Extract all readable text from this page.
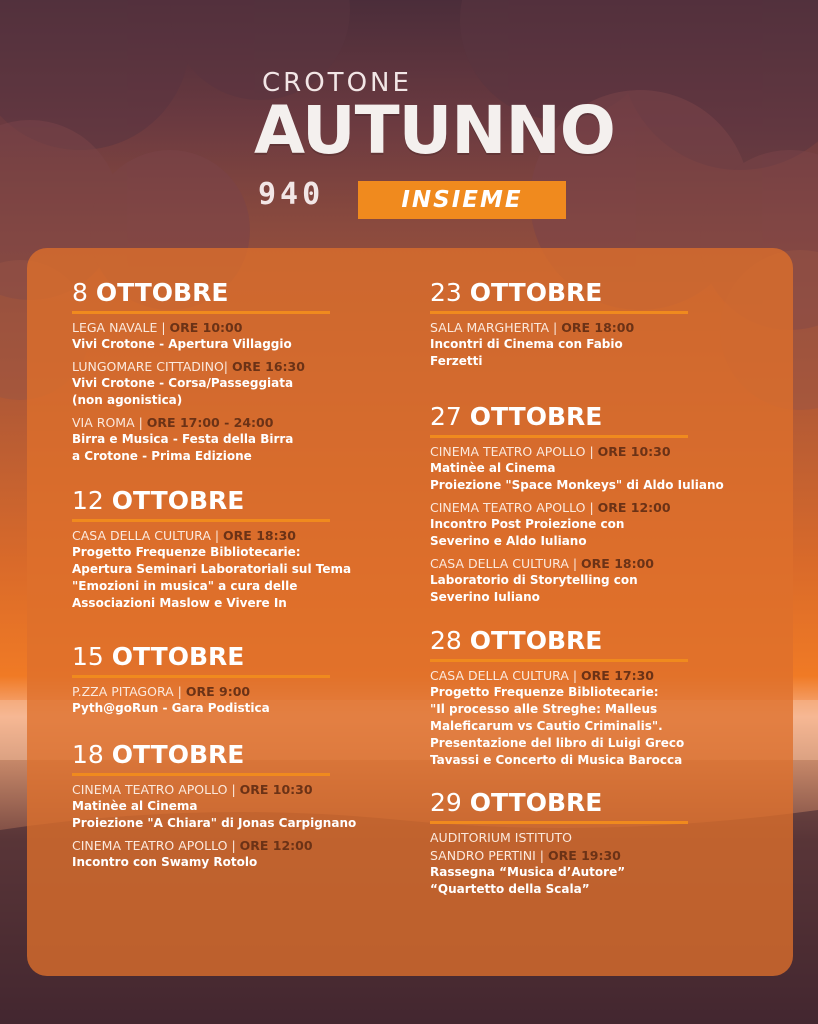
CROTONE
AUTUNNO
940	INSIEME
8 OTTOBRE
LEGA NAVALE | ORE 10:00
Vivi Crotone - Apertura Villaggio
LUNGOMARE CITTADINO| ORE 16:30
Vivi Crotone - Corsa/Passeggiata
(non agonistica)
VIA ROMA | ORE 17:00 - 24:00
Birra e Musica - Festa della Birra
a Crotone - Prima Edizione
12 OTTOBRE
CASA DELLA CULTURA | ORE 18:30
Progetto Frequenze Bibliotecarie:
Apertura Seminari Laboratoriali sul Tema
"Emozioni in musica" a cura delle
Associazioni Maslow e Vivere In
15 OTTOBRE
P.ZZA PITAGORA | ORE 9:00
Pyth@goRun - Gara Podistica
18 OTTOBRE
CINEMA TEATRO APOLLO | ORE 10:30
Matinèe al Cinema
Proiezione "A Chiara" di Jonas Carpignano
CINEMA TEATRO APOLLO | ORE 12:00
Incontro con Swamy Rotolo
23 OTTOBRE
SALA MARGHERITA | ORE 18:00
Incontri di Cinema con Fabio
Ferzetti
27 OTTOBRE
CINEMA TEATRO APOLLO | ORE 10:30
Matinèe al Cinema
Proiezione "Space Monkeys" di Aldo Iuliano
CINEMA TEATRO APOLLO | ORE 12:00
Incontro Post Proiezione con
Severino e Aldo Iuliano
CASA DELLA CULTURA | ORE 18:00
Laboratorio di Storytelling con
Severino Iuliano
28 OTTOBRE
CASA DELLA CULTURA | ORE 17:30
Progetto Frequenze Bibliotecarie:
"Il processo alle Streghe: Malleus
Maleficarum vs Cautio Criminalis".
Presentazione del libro di Luigi Greco
Tavassi e Concerto di Musica Barocca
29 OTTOBRE
AUDITORIUM ISTITUTO
SANDRO PERTINI | ORE 19:30
Rassegna “Musica d’Autore”
“Quartetto della Scala”
